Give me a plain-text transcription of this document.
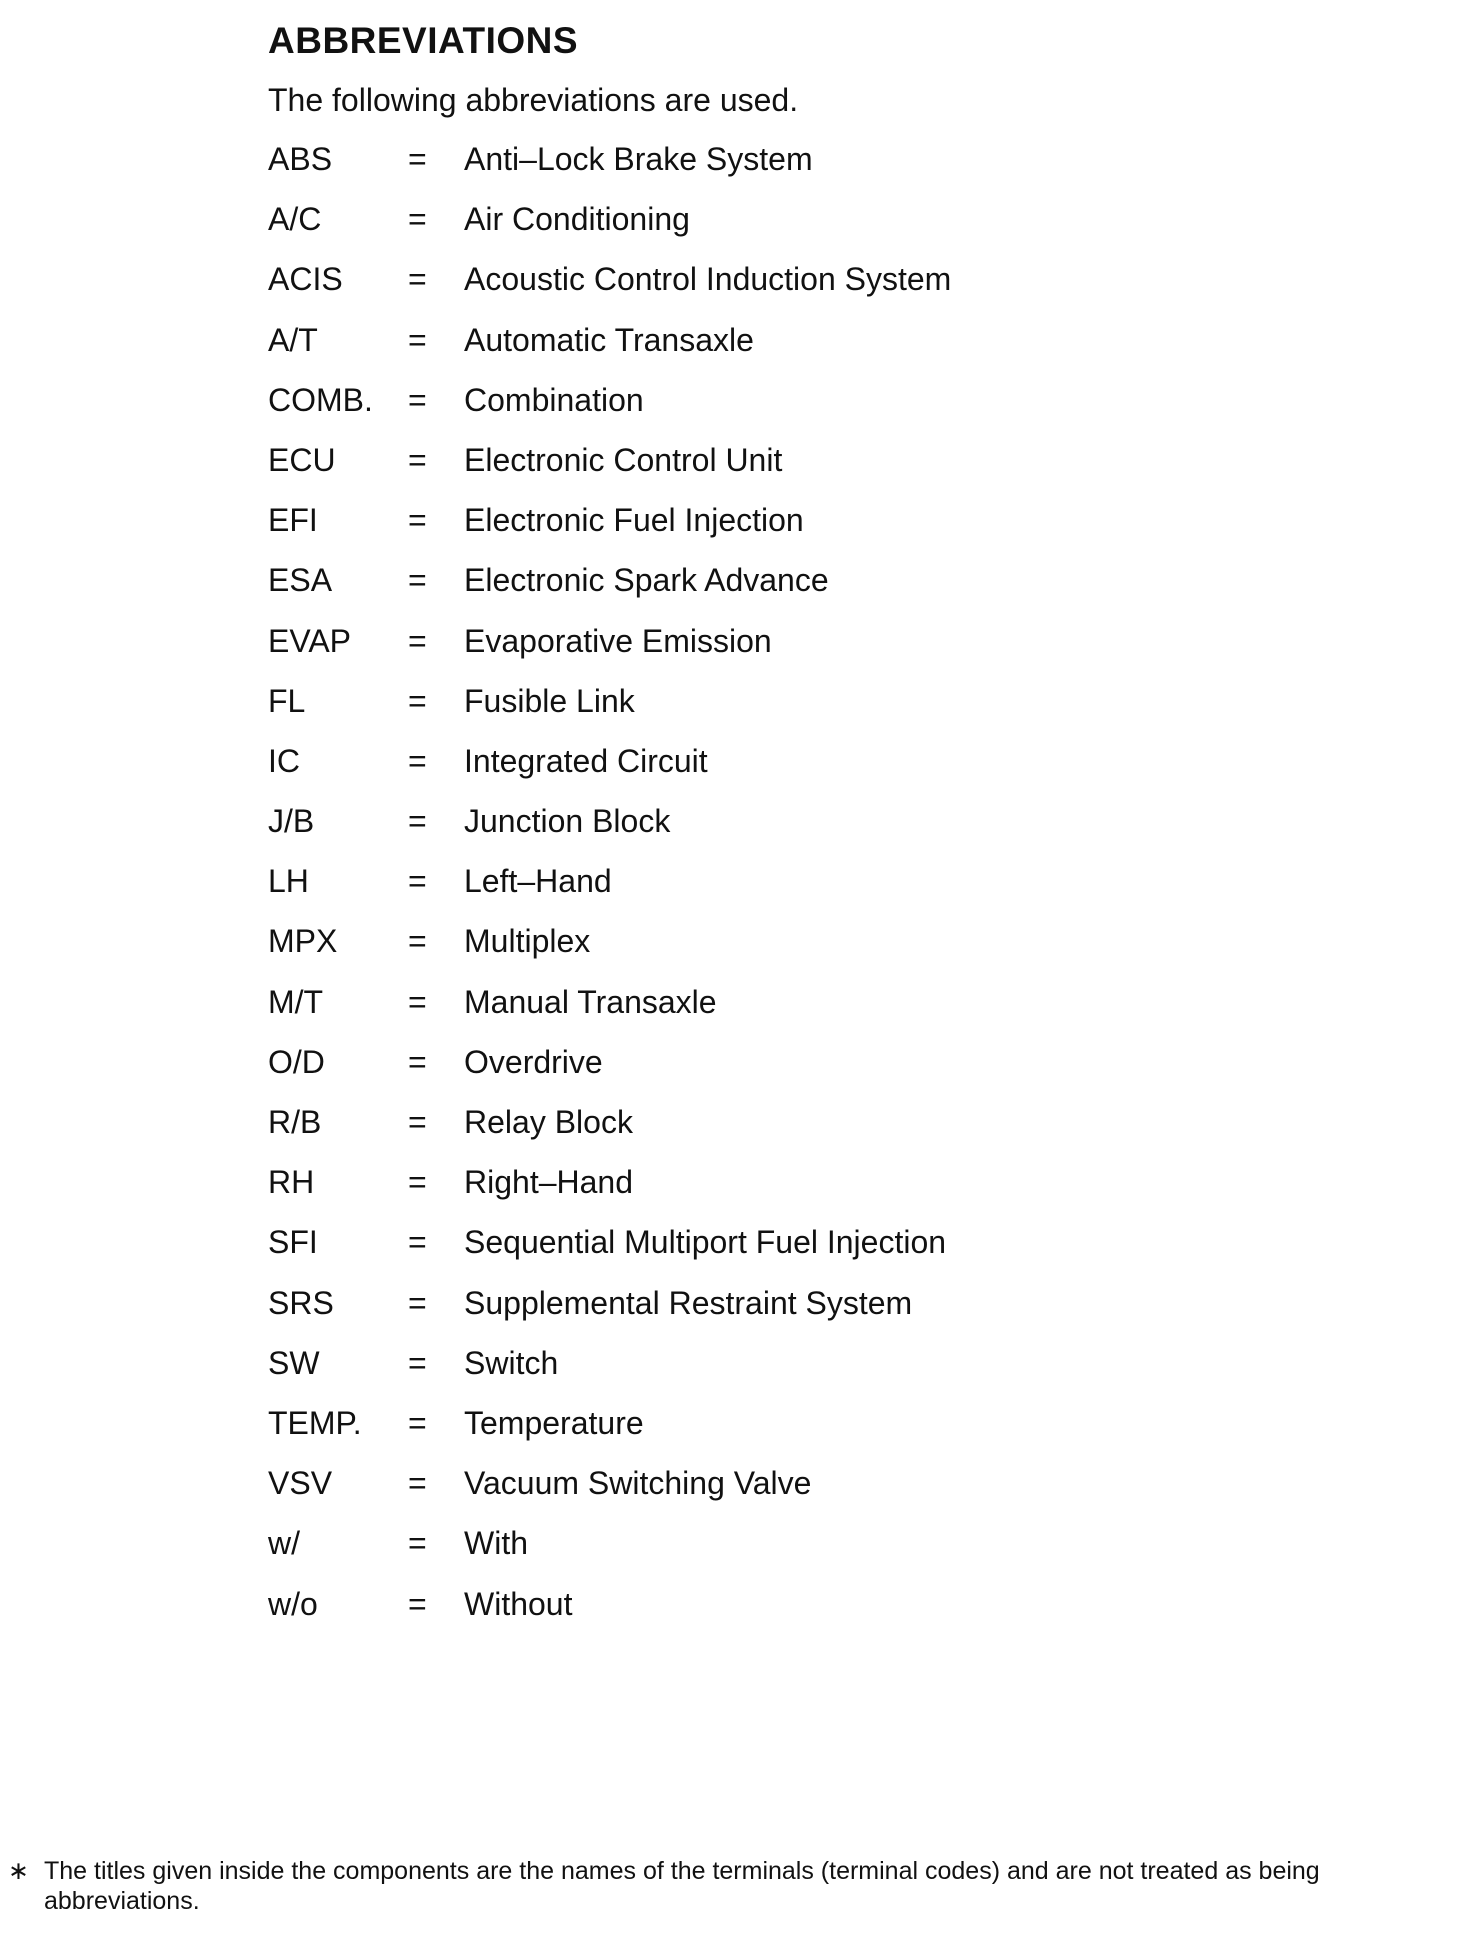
ABBREVIATIONS

The following abbreviations are used.

ABS	=	Anti–Lock Brake System
A/C	=	Air Conditioning
ACIS	=	Acoustic Control Induction System
A/T	=	Automatic Transaxle
COMB.	=	Combination
ECU	=	Electronic Control Unit
EFI	=	Electronic Fuel Injection
ESA	=	Electronic Spark Advance
EVAP	=	Evaporative Emission
FL	=	Fusible Link
IC	=	Integrated Circuit
J/B	=	Junction Block
LH	=	Left–Hand
MPX	=	Multiplex
M/T	=	Manual Transaxle
O/D	=	Overdrive
R/B	=	Relay Block
RH	=	Right–Hand
SFI	=	Sequential Multiport Fuel Injection
SRS	=	Supplemental Restraint System
SW	=	Switch
TEMP.	=	Temperature
VSV	=	Vacuum Switching Valve
w/	=	With
w/o	=	Without
∗ The titles given inside the components are the names of the terminals (terminal codes) and are not treated as being abbreviations.
